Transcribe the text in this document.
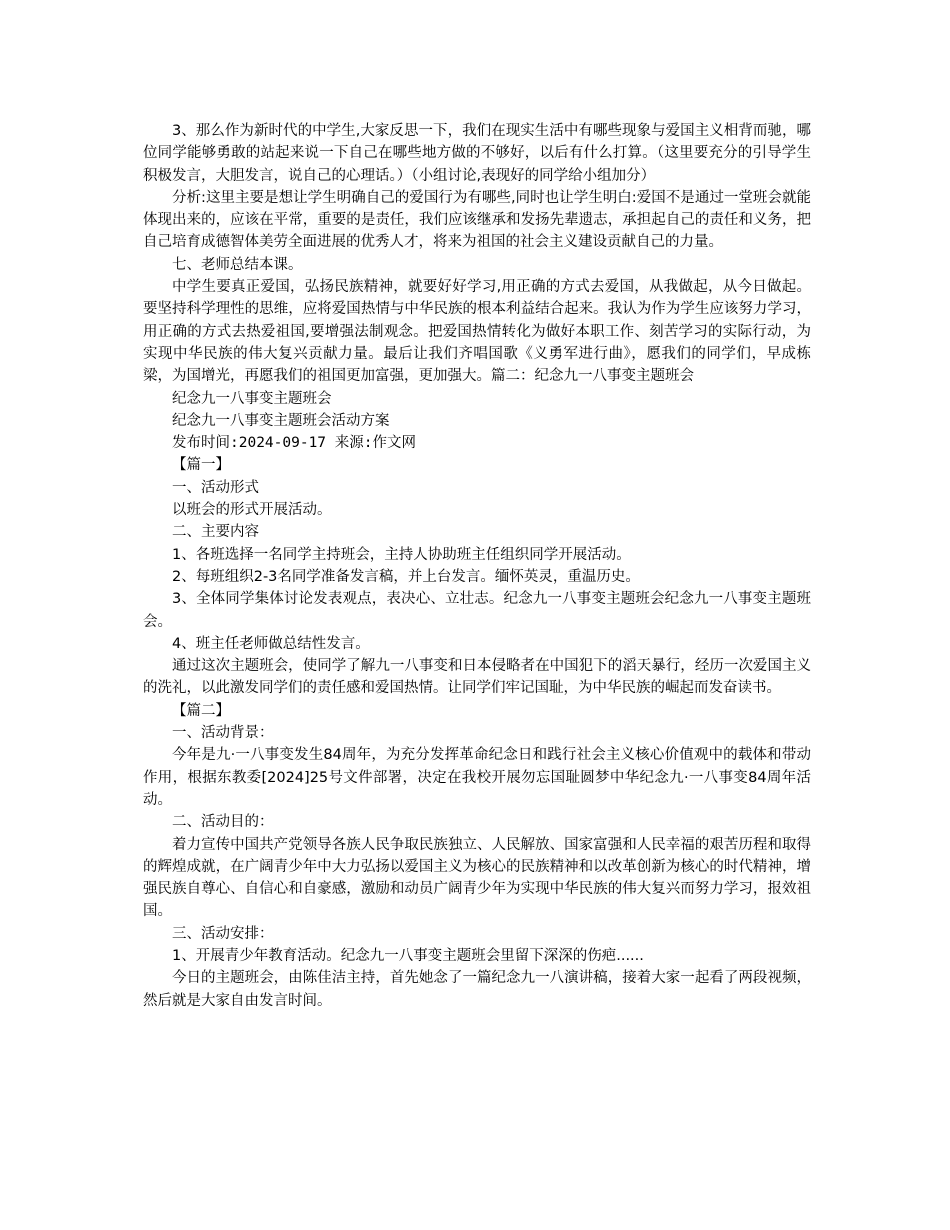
3、那么作为新时代的中学生,大家反思一下，我们在现实生活中有哪些现象与爱国主义相背而驰，哪位同学能够勇敢的站起来说一下自己在哪些地方做的不够好，以后有什么打算。（这里要充分的引导学生积极发言，大胆发言，说自己的心理话。）（小组讨论,表现好的同学给小组加分）

分析:这里主要是想让学生明确自己的爱国行为有哪些,同时也让学生明白:爱国不是通过一堂班会就能体现出来的，应该在平常，重要的是责任，我们应该继承和发扬先辈遗志，承担起自己的责任和义务，把自己培育成德智体美劳全面进展的优秀人才，将来为祖国的社会主义建设贡献自己的力量。

七、老师总结本课。

中学生要真正爱国，弘扬民族精神，就要好好学习,用正确的方式去爱国，从我做起，从今日做起。要坚持科学理性的思维，应将爱国热情与中华民族的根本利益结合起来。我认为作为学生应该努力学习，用正确的方式去热爱祖国,要增强法制观念。把爱国热情转化为做好本职工作、刻苦学习的实际行动，为实现中华民族的伟大复兴贡献力量。最后让我们齐唱国歌《义勇军进行曲》，愿我们的同学们，早成栋梁，为国增光，再愿我们的祖国更加富强，更加强大。篇二：纪念九一八事变主题班会

纪念九一八事变主题班会

纪念九一八事变主题班会活动方案

发布时间:2024-09-17 来源:作文网

【篇一】

一、活动形式

以班会的形式开展活动。

二、主要内容

1、各班选择一名同学主持班会，主持人协助班主任组织同学开展活动。

2、每班组织2-3名同学准备发言稿，并上台发言。缅怀英灵，重温历史。

3、全体同学集体讨论发表观点，表决心、立壮志。纪念九一八事变主题班会纪念九一八事变主题班会。

4、班主任老师做总结性发言。

通过这次主题班会，使同学了解九一八事变和日本侵略者在中国犯下的滔天暴行，经历一次爱国主义的洗礼，以此激发同学们的责任感和爱国热情。让同学们牢记国耻，为中华民族的崛起而发奋读书。

【篇二】

一、活动背景：

今年是九·一八事变发生84周年，为充分发挥革命纪念日和践行社会主义核心价值观中的载体和带动作用，根据东教委[2024]25号文件部署，决定在我校开展勿忘国耻圆梦中华纪念九·一八事变84周年活动。

二、活动目的：

着力宣传中国共产党领导各族人民争取民族独立、人民解放、国家富强和人民幸福的艰苦历程和取得的辉煌成就，在广阔青少年中大力弘扬以爱国主义为核心的民族精神和以改革创新为核心的时代精神，增强民族自尊心、自信心和自豪感，激励和动员广阔青少年为实现中华民族的伟大复兴而努力学习，报效祖国。

三、活动安排：

1、开展青少年教育活动。纪念九一八事变主题班会里留下深深的伤疤......

今日的主题班会，由陈佳洁主持，首先她念了一篇纪念九一八演讲稿，接着大家一起看了两段视频，然后就是大家自由发言时间。
